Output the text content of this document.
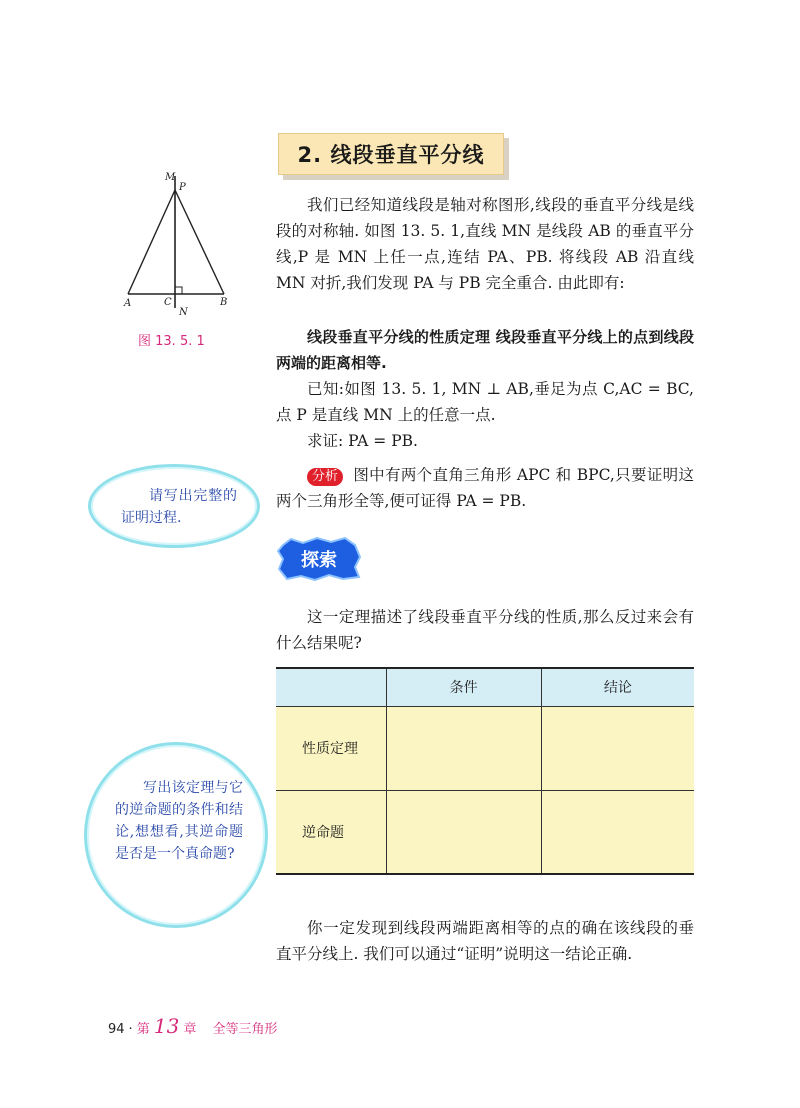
2. 线段垂直平分线
M
P
A	C	B
N
图 13. 5. 1
我们已经知道线段是轴对称图形,线段的垂直平分线是线段的对称轴. 如图 13. 5. 1,直线 MN 是线段 AB 的垂直平分线,P 是 MN 上任一点,连结 PA、PB. 将线段 AB 沿直线 MN 对折,我们发现 PA 与 PB 完全重合. 由此即有:
线段垂直平分线的性质定理 线段垂直平分线上的点到线段两端的距离相等.
已知:如图 13. 5. 1, MN ⊥ AB,垂足为点 C,AC = BC,点 P 是直线 MN 上的任意一点.
求证: PA = PB.
分析 图中有两个直角三角形 APC 和 BPC,只要证明这两个三角形全等,便可证得 PA = PB.
请写出完整的证明过程.
探索
这一定理描述了线段垂直平分线的性质,那么反过来会有什么结果呢?
	条件	结论
性质定理		
逆命题		
写出该定理与它的逆命题的条件和结论,想想看,其逆命题是否是一个真命题?
你一定发现到线段两端距离相等的点的确在该线段的垂直平分线上. 我们可以通过“证明”说明这一结论正确.
94 · 第 13 章 全等三角形
